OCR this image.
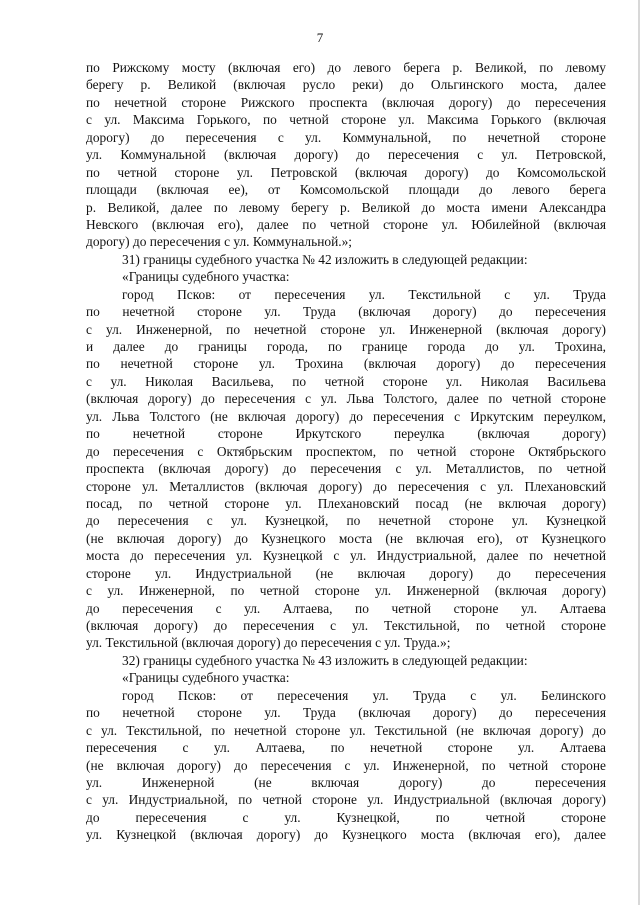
7
по Рижскому мосту (включая его) до левого берега р. Великой, по левому
берегу р. Великой (включая русло реки) до Ольгинского моста, далее
по нечетной стороне Рижского проспекта (включая дорогу) до пересечения
с ул. Максима Горького, по четной стороне ул. Максима Горького (включая
дорогу) до пересечения с ул. Коммунальной, по нечетной стороне
ул. Коммунальной (включая дорогу) до пересечения с ул. Петровской,
по четной стороне ул. Петровской (включая дорогу) до Комсомольской
площади (включая ее), от Комсомольской площади до левого берега
р. Великой, далее по левому берегу р. Великой до моста имени Александра
Невского (включая его), далее по четной стороне ул. Юбилейной (включая
дорогу) до пересечения с ул. Коммунальной.»;
31) границы судебного участка № 42 изложить в следующей редакции:
«Границы судебного участка:
город Псков: от пересечения ул. Текстильной с ул. Труда
по нечетной стороне ул. Труда (включая дорогу) до пересечения
с ул. Инженерной, по нечетной стороне ул. Инженерной (включая дорогу)
и далее до границы города, по границе города до ул. Трохина,
по нечетной стороне ул. Трохина (включая дорогу) до пересечения
с ул. Николая Васильева, по четной стороне ул. Николая Васильева
(включая дорогу) до пересечения с ул. Льва Толстого, далее по четной стороне
ул. Льва Толстого (не включая дорогу) до пересечения с Иркутским переулком,
по нечетной стороне Иркутского переулка (включая дорогу)
до пересечения с Октябрьским проспектом, по четной стороне Октябрьского
проспекта (включая дорогу) до пересечения с ул. Металлистов, по четной
стороне ул. Металлистов (включая дорогу) до пересечения с ул. Плехановский
посад, по четной стороне ул. Плехановский посад (не включая дорогу)
до пересечения с ул. Кузнецкой, по нечетной стороне ул. Кузнецкой
(не включая дорогу) до Кузнецкого моста (не включая его), от Кузнецкого
моста до пересечения ул. Кузнецкой с ул. Индустриальной, далее по нечетной
стороне ул. Индустриальной (не включая дорогу) до пересечения
с ул. Инженерной, по четной стороне ул. Инженерной (включая дорогу)
до пересечения с ул. Алтаева, по четной стороне ул. Алтаева
(включая дорогу) до пересечения с ул. Текстильной, по четной стороне
ул. Текстильной (включая дорогу) до пересечения с ул. Труда.»;
32) границы судебного участка № 43 изложить в следующей редакции:
«Границы судебного участка:
город Псков: от пересечения ул. Труда с ул. Белинского
по нечетной стороне ул. Труда (включая дорогу) до пересечения
с ул. Текстильной, по нечетной стороне ул. Текстильной (не включая дорогу) до
пересечения с ул. Алтаева, по нечетной стороне ул. Алтаева
(не включая дорогу) до пересечения с ул. Инженерной, по четной стороне
ул. Инженерной (не включая дорогу) до пересечения
с ул. Индустриальной, по четной стороне ул. Индустриальной (включая дорогу)
до пересечения с ул. Кузнецкой, по четной стороне
ул. Кузнецкой (включая дорогу) до Кузнецкого моста (включая его), далее
